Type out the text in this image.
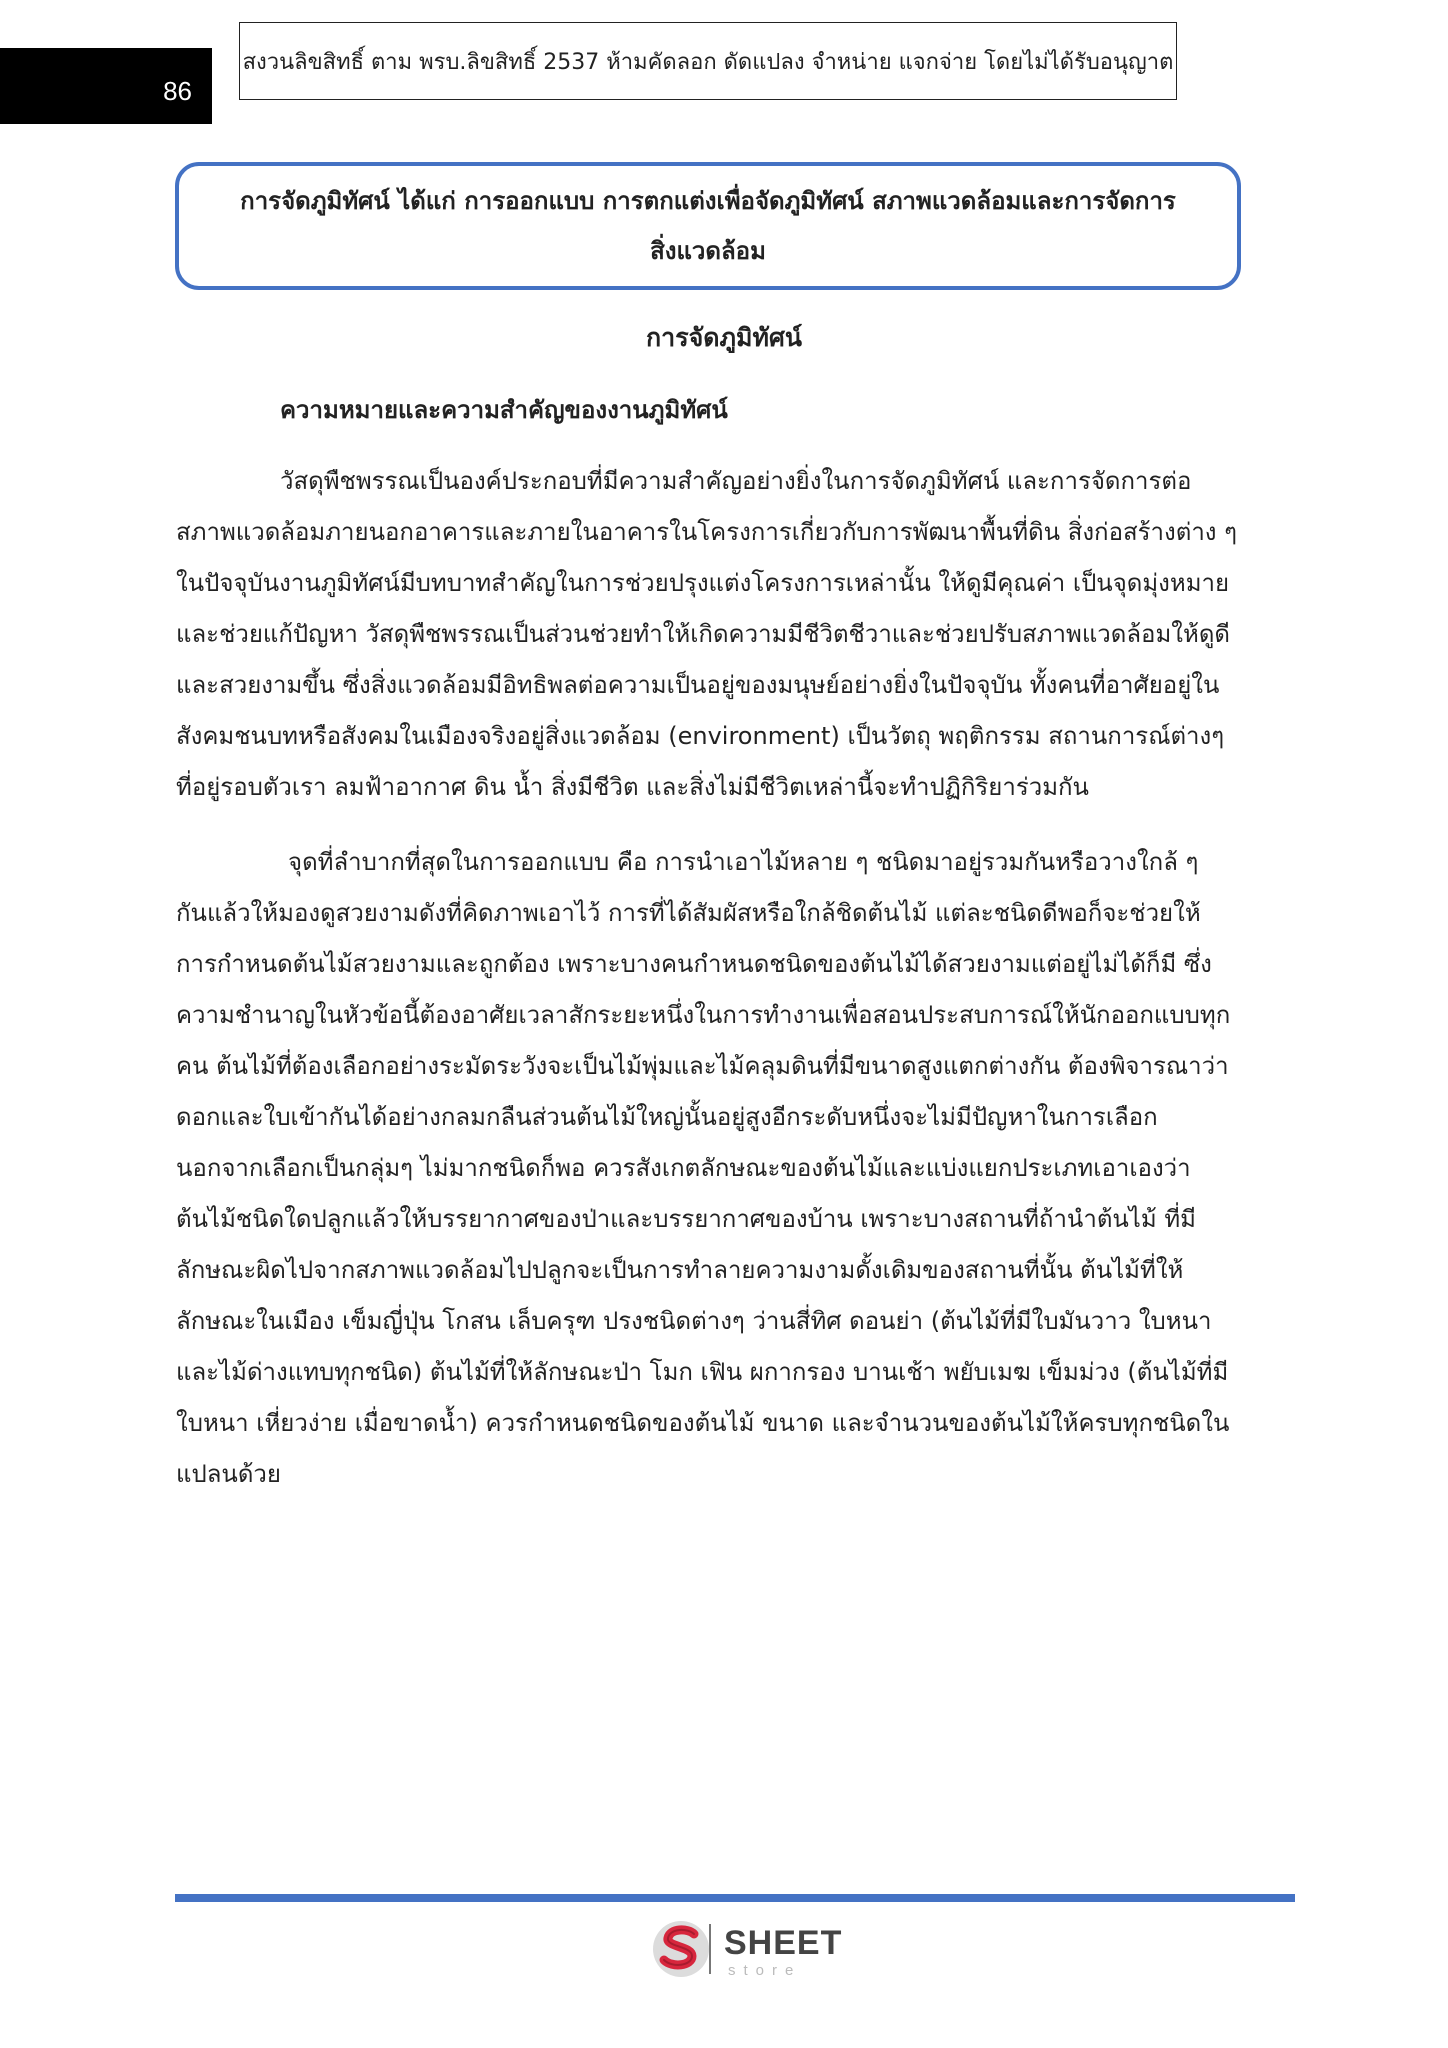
86
สงวนลิขสิทธิ์ ตาม พรบ.ลิขสิทธิ์ 2537 ห้ามคัดลอก ดัดแปลง จำหน่าย แจกจ่าย โดยไม่ได้รับอนุญาต
การจัดภูมิทัศน์ ได้แก่ การออกแบบ การตกแต่งเพื่อจัดภูมิทัศน์ สภาพแวดล้อมและการจัดการ
สิ่งแวดล้อม
การจัดภูมิทัศน์
ความหมายและความสำคัญของงานภูมิทัศน์

วัสดุพืชพรรณเป็นองค์ประกอบที่มีความสำคัญอย่างยิ่งในการจัดภูมิทัศน์ และการจัดการต่อ
สภาพแวดล้อมภายนอกอาคารและภายในอาคารในโครงการเกี่ยวกับการพัฒนาพื้นที่ดิน สิ่งก่อสร้างต่าง ๆ
ในปัจจุบันงานภูมิทัศน์มีบทบาทสำคัญในการช่วยปรุงแต่งโครงการเหล่านั้น ให้ดูมีคุณค่า เป็นจุดมุ่งหมาย
และช่วยแก้ปัญหา วัสดุพืชพรรณเป็นส่วนช่วยทำให้เกิดความมีชีวิตชีวาและช่วยปรับสภาพแวดล้อมให้ดูดี
และสวยงามขึ้น ซึ่งสิ่งแวดล้อมมีอิทธิพลต่อความเป็นอยู่ของมนุษย์อย่างยิ่งในปัจจุบัน ทั้งคนที่อาศัยอยู่ใน
สังคมชนบทหรือสังคมในเมืองจริงอยู่สิ่งแวดล้อม (environment) เป็นวัตถุ พฤติกรรม สถานการณ์ต่างๆ
ที่อยู่รอบตัวเรา ลมฟ้าอากาศ ดิน น้ำ สิ่งมีชีวิต และสิ่งไม่มีชีวิตเหล่านี้จะทำปฏิกิริยาร่วมกัน

จุดที่ลำบากที่สุดในการออกแบบ คือ การนำเอาไม้หลาย ๆ ชนิดมาอยู่รวมกันหรือวางใกล้ ๆ
กันแล้วให้มองดูสวยงามดังที่คิดภาพเอาไว้ การที่ได้สัมผัสหรือใกล้ชิดต้นไม้ แต่ละชนิดดีพอก็จะช่วยให้
การกำหนดต้นไม้สวยงามและถูกต้อง เพราะบางคนกำหนดชนิดของต้นไม้ได้สวยงามแต่อยู่ไม่ได้ก็มี ซึ่ง
ความชำนาญในหัวข้อนี้ต้องอาศัยเวลาสักระยะหนึ่งในการทำงานเพื่อสอนประสบการณ์ให้นักออกแบบทุก
คน ต้นไม้ที่ต้องเลือกอย่างระมัดระวังจะเป็นไม้พุ่มและไม้คลุมดินที่มีขนาดสูงแตกต่างกัน ต้องพิจารณาว่า
ดอกและใบเข้ากันได้อย่างกลมกลืนส่วนต้นไม้ใหญ่นั้นอยู่สูงอีกระดับหนึ่งจะไม่มีปัญหาในการเลือก
นอกจากเลือกเป็นกลุ่มๆ ไม่มากชนิดก็พอ ควรสังเกตลักษณะของต้นไม้และแบ่งแยกประเภทเอาเองว่า
ต้นไม้ชนิดใดปลูกแล้วให้บรรยากาศของป่าและบรรยากาศของบ้าน เพราะบางสถานที่ถ้านำต้นไม้ ที่มี
ลักษณะผิดไปจากสภาพแวดล้อมไปปลูกจะเป็นการทำลายความงามดั้งเดิมของสถานที่นั้น ต้นไม้ที่ให้
ลักษณะในเมือง เข็มญี่ปุ่น โกสน เล็บครุฑ ปรงชนิดต่างๆ ว่านสี่ทิศ ดอนย่า (ต้นไม้ที่มีใบมันวาว ใบหนา
และไม้ด่างแทบทุกชนิด) ต้นไม้ที่ให้ลักษณะป่า โมก เฟิน ผกากรอง บานเช้า พยับเมฆ เข็มม่วง (ต้นไม้ที่มี
ใบหนา เหี่ยวง่าย เมื่อขาดน้ำ) ควรกำหนดชนิดของต้นไม้ ขนาด และจำนวนของต้นไม้ให้ครบทุกชนิดใน
แปลนด้วย

SHEET
store
